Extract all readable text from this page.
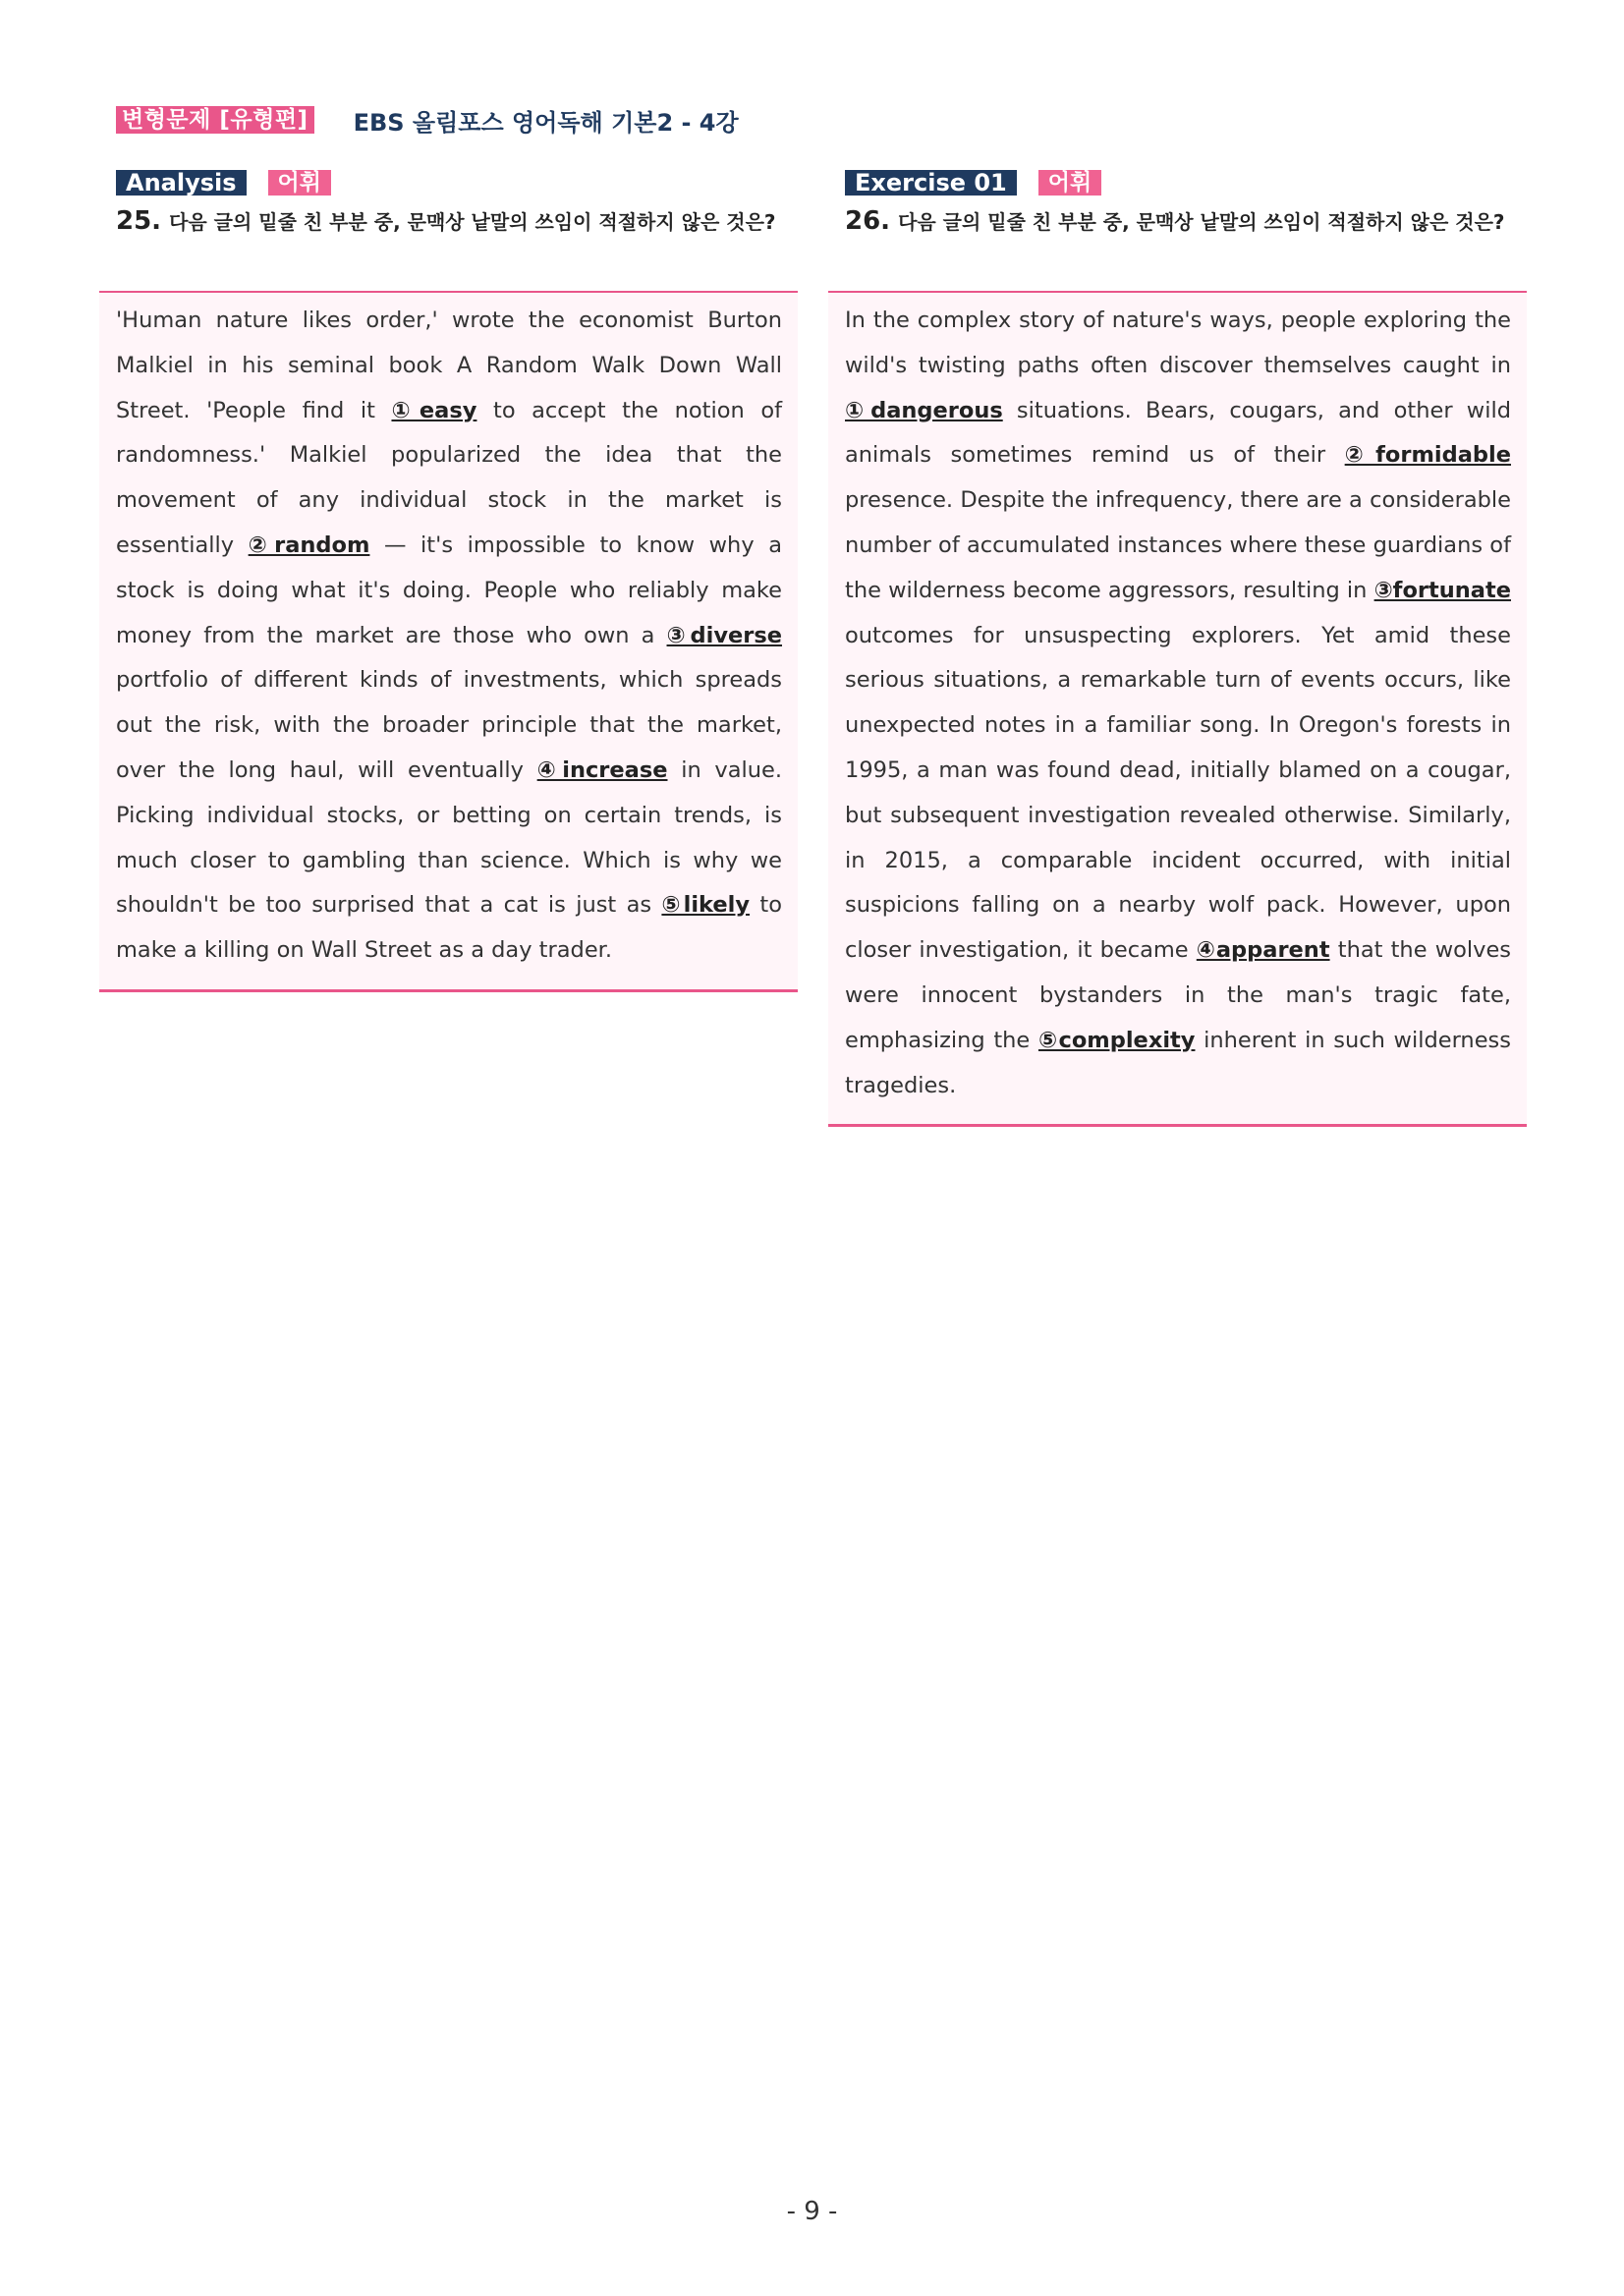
변형문제 [유형편] EBS 올림포스 영어독해 기본2 - 4강
Analysis	어휘
25. 다음 글의 밑줄 친 부분 중, 문맥상 낱말의 쓰임이 적절하지 않은 것은?
'Human nature likes order,' wrote the economist Burton Malkiel in his seminal book A Random Walk Down Wall Street. 'People find it ①easy to accept the notion of randomness.' Malkiel popularized the idea that the movement of any individual stock in the market is essentially ②random — it's impossible to know why a stock is doing what it's doing. People who reliably make money from the market are those who own a ③diverse portfolio of different kinds of investments, which spreads out the risk, with the broader principle that the market, over the long haul, will eventually ④increase in value. Picking individual stocks, or betting on certain trends, is much closer to gambling than science. Which is why we shouldn't be too surprised that a cat is just as ⑤likely to make a killing on Wall Street as a day trader.
Exercise 01	어휘
26. 다음 글의 밑줄 친 부분 중, 문맥상 낱말의 쓰임이 적절하지 않은 것은?
In the complex story of nature's ways, people exploring the wild's twisting paths often discover themselves caught in ①dangerous situations. Bears, cougars, and other wild animals sometimes remind us of their ②formidable presence. Despite the infrequency, there are a considerable number of accumulated instances where these guardians of the wilderness become aggressors, resulting in ③fortunate outcomes for unsuspecting explorers. Yet amid these serious situations, a remarkable turn of events occurs, like unexpected notes in a familiar song. In Oregon's forests in 1995, a man was found dead, initially blamed on a cougar, but subsequent investigation revealed otherwise. Similarly, in 2015, a comparable incident occurred, with initial suspicions falling on a nearby wolf pack. However, upon closer investigation, it became ④apparent that the wolves were innocent bystanders in the man's tragic fate, emphasizing the ⑤complexity inherent in such wilderness tragedies.
- 9 -
